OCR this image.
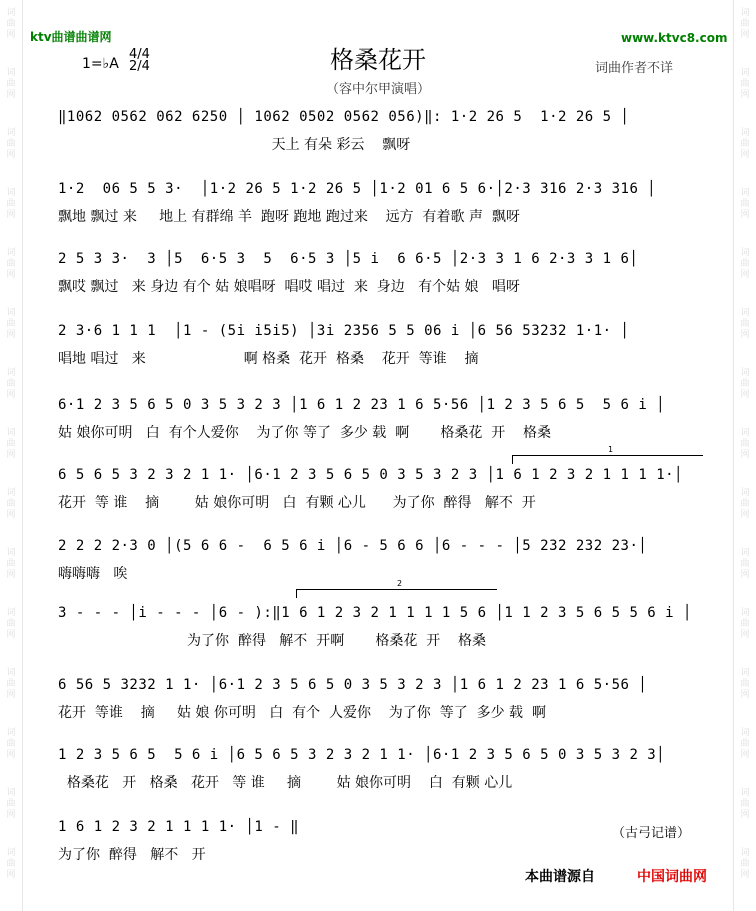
词
曲
网
词
曲
网
词
曲
网
词
曲
网
词
曲
网
词
曲
网
词
曲
网
词
曲
网
词
曲
网
词
曲
网
词
曲
网
词
曲
网
词
曲
网
词
曲
网
词
曲
网
词
曲
网
词
曲
网
词
曲
网
词
曲
网
词
曲
网
词
曲
网
词
曲
网
词
曲
网
词
曲
网
词
曲
网
词
曲
网
词
曲
网
词
曲
网
词
曲
网
词
曲
网
ktv曲谱曲谱网	www.ktvc8.com
1=♭A
4/4
2/4	格桑花开
（容中尔甲演唱）
词曲作者不详
‖1062 0562 062 6250 │ 1062 0502 0562 056)‖: 1·2 26 5  1·2 26 5 │
天上 有朵 彩云    飘呀
1·2  06 5 5 3·  │1·2 26 5 1·2 26 5 │1·2 01 6 5 6·│2·3 316 2·3 316 │
飘地 飘过 来     地上 有群绵 羊  跑呀 跑地 跑过来    远方  有着歌 声  飘呀
2 5 3 3·  3 │5  6·5 3  5  6·5 3 │5 i  6 6·5 │2·3 3 1 6 2·3 3 1 6│
飘哎 飘过   来 身边 有个 姑 娘唱呀  唱哎 唱过  来  身边   有个姑 娘   唱呀
2 3·6 1 1 1  │1 - (5i i5i5) │3i 2356 5 5 06 i │6 56 53232 1·1· │
唱地 唱过   来                      啊 格桑  花开  格桑    花开  等谁    摘
6·1 2 3 5 6 5 0 3 5 3 2 3 │1 6 1 2 23 1 6 5·56 │1 2 3 5 6 5  5 6 i │
姑 娘你可明   白  有个人爱你    为了你 等了  多少 载  啊       格桑花  开    格桑
1
6 5 6 5 3 2 3 2 1 1· │6·1 2 3 5 6 5 0 3 5 3 2 3 │1 6 1 2 3 2 1 1 1 1·│
花开  等 谁    摘        姑 娘你可明   白  有颗 心儿      为了你  醉得   解不  开
2 2 2 2·3 0 │(5 6 6 -  6 5 6 i │6 - 5 6 6 │6 - - - │5 232 232 23·│
嗨嗨嗨   唉
2
3 - - - │i - - - │6 - ):‖1 6 1 2 3 2 1 1 1 1 5 6 │1 1 2 3 5 6 5 5 6 i │
为了你  醉得   解不  开啊       格桑花  开    格桑
6 56 5 3232 1 1· │6·1 2 3 5 6 5 0 3 5 3 2 3 │1 6 1 2 23 1 6 5·56 │
花开  等谁    摘     姑 娘 你可明   白  有个  人爱你    为了你  等了  多少 载  啊
1 2 3 5 6 5  5 6 i │6 5 6 5 3 2 3 2 1 1· │6·1 2 3 5 6 5 0 3 5 3 2 3│
格桑花   开   格桑   花开   等 谁     摘        姑 娘你可明    白  有颗 心儿
1 6 1 2 3 2 1 1 1 1· │1 - ‖
为了你  醉得   解不   开
（古弓记谱）
本曲谱源自	中国词曲网
